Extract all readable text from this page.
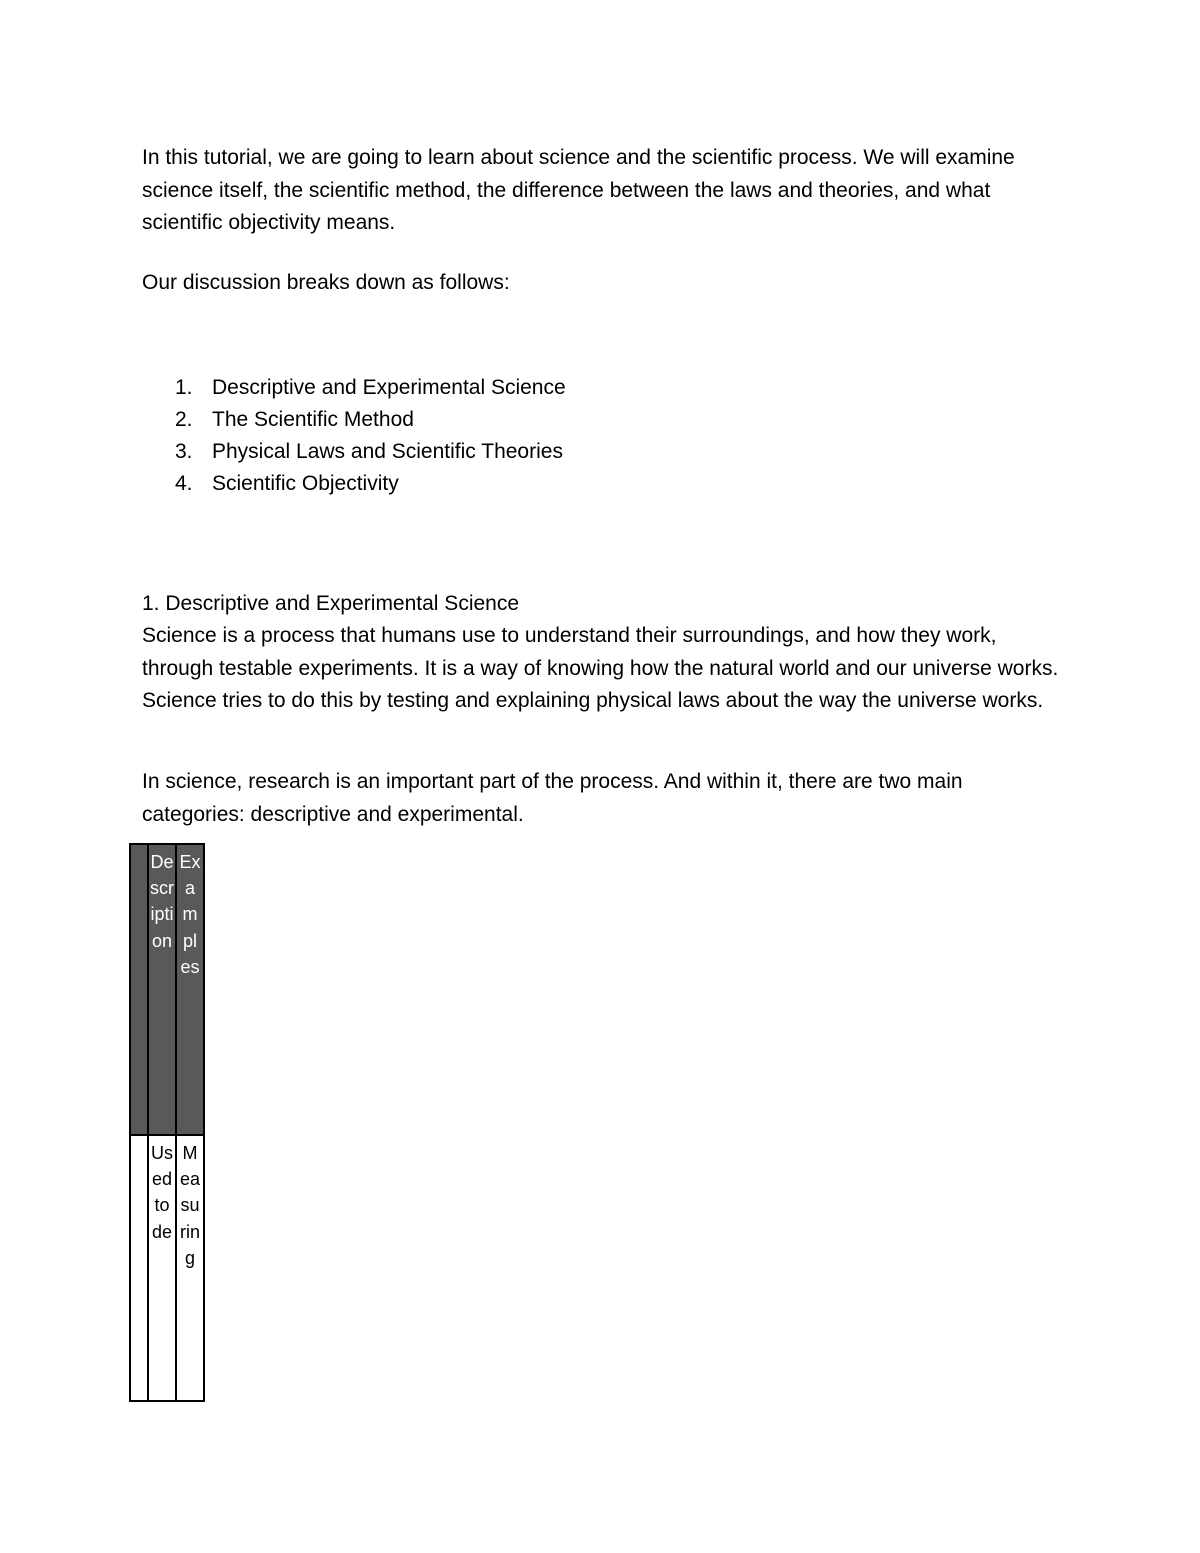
In this tutorial, we are going to learn about science and the scientific process. We will examine science itself, the scientific method, the difference between the laws and theories, and what scientific objectivity means.

Our discussion breaks down as follows:

1. Descriptive and Experimental Science
2. The Scientific Method
3. Physical Laws and Scientific Theories
4. Scientific Objectivity

1. Descriptive and Experimental Science

Science is a process that humans use to understand their surroundings, and how they work, through testable experiments. It is a way of knowing how the natural world and our universe works. Science tries to do this by testing and explaining physical laws about the way the universe works.

In science, research is an important part of the process. And within it, there are two main categories: descriptive and experimental.

Description
Examples
Used to de
Measuring
